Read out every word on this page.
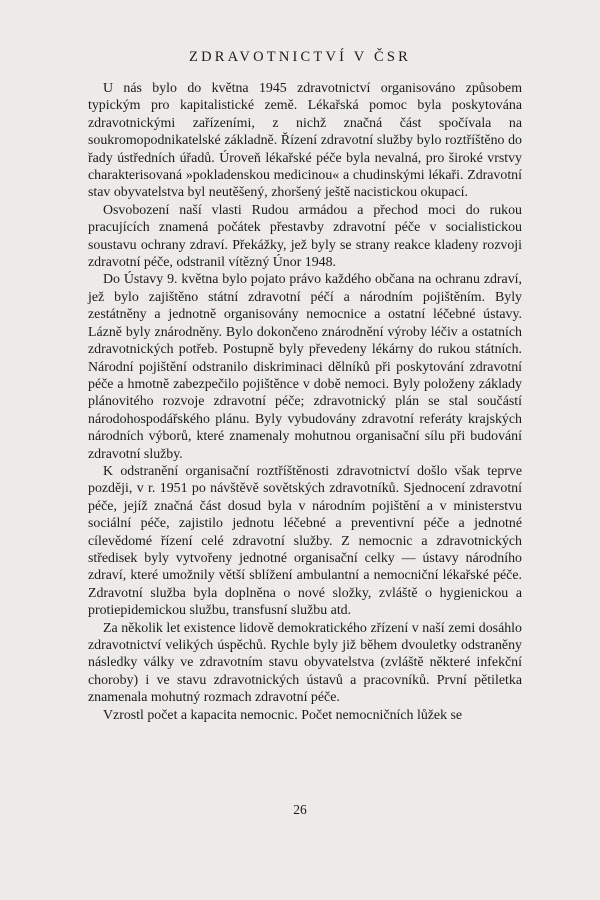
ZDRAVOTNICTVÍ V ČSR

U nás bylo do května 1945 zdravotnictví organisováno způsobem typickým pro kapitalistické země. Lékařská pomoc byla poskytována zdravotnickými zařízeními, z nichž značná část spočívala na soukromopodnikatelské základně. Řízení zdravotní služby bylo roztříštěno do řady ústředních úřadů. Úroveň lékařské péče byla nevalná, pro široké vrstvy charakterisovaná »pokladenskou medicinou« a chudinskými lékaři. Zdravotní stav obyvatelstva byl neutěšený, zhoršený ještě nacistickou okupací.

Osvobození naší vlasti Rudou armádou a přechod moci do rukou pracujících znamená počátek přestavby zdravotní péče v socialistickou soustavu ochrany zdraví. Překážky, jež byly se strany reakce kladeny rozvoji zdravotní péče, odstranil vítězný Únor 1948.

Do Ústavy 9. května bylo pojato právo každého občana na ochranu zdraví, jež bylo zajištěno státní zdravotní péčí a národním pojištěním. Byly zestátněny a jednotně organisovány nemocnice a ostatní léčebné ústavy. Lázně byly znárodněny. Bylo dokončeno znárodnění výroby léčiv a ostatních zdravotnických potřeb. Postupně byly převedeny lékárny do rukou státních. Národní pojištění odstranilo diskriminaci dělníků při poskytování zdravotní péče a hmotně zabezpečilo pojištěnce v době nemoci. Byly položeny základy plánovitého rozvoje zdravotní péče; zdravotnický plán se stal součástí národohospodářského plánu. Byly vybudovány zdravotní referáty krajských národních výborů, které znamenaly mohutnou organisační sílu při budování zdravotní služby.

K odstranění organisační roztříštěnosti zdravotnictví došlo však teprve později, v r. 1951 po návštěvě sovětských zdravotníků. Sjednocení zdravotní péče, jejíž značná část dosud byla v národním pojištění a v ministerstvu sociální péče, zajistilo jednotu léčebné a preventivní péče a jednotné cílevědomé řízení celé zdravotní služby. Z nemocnic a zdravotnických středisek byly vytvořeny jednotné organisační celky — ústavy národního zdraví, které umožnily větší sblížení ambulantní a nemocniční lékařské péče. Zdravotní služba byla doplněna o nové složky, zvláště o hygienickou a protiepidemickou službu, transfusní službu atd.

Za několik let existence lidově demokratického zřízení v naší zemi dosáhlo zdravotnictví velikých úspěchů. Rychle byly již během dvouletky odstraněny následky války ve zdravotním stavu obyvatelstva (zvláště některé infekční choroby) i ve stavu zdravotnických ústavů a pracovníků. První pětiletka znamenala mohutný rozmach zdravotní péče.

Vzrostl počet a kapacita nemocnic. Počet nemocničních lůžek se

26
